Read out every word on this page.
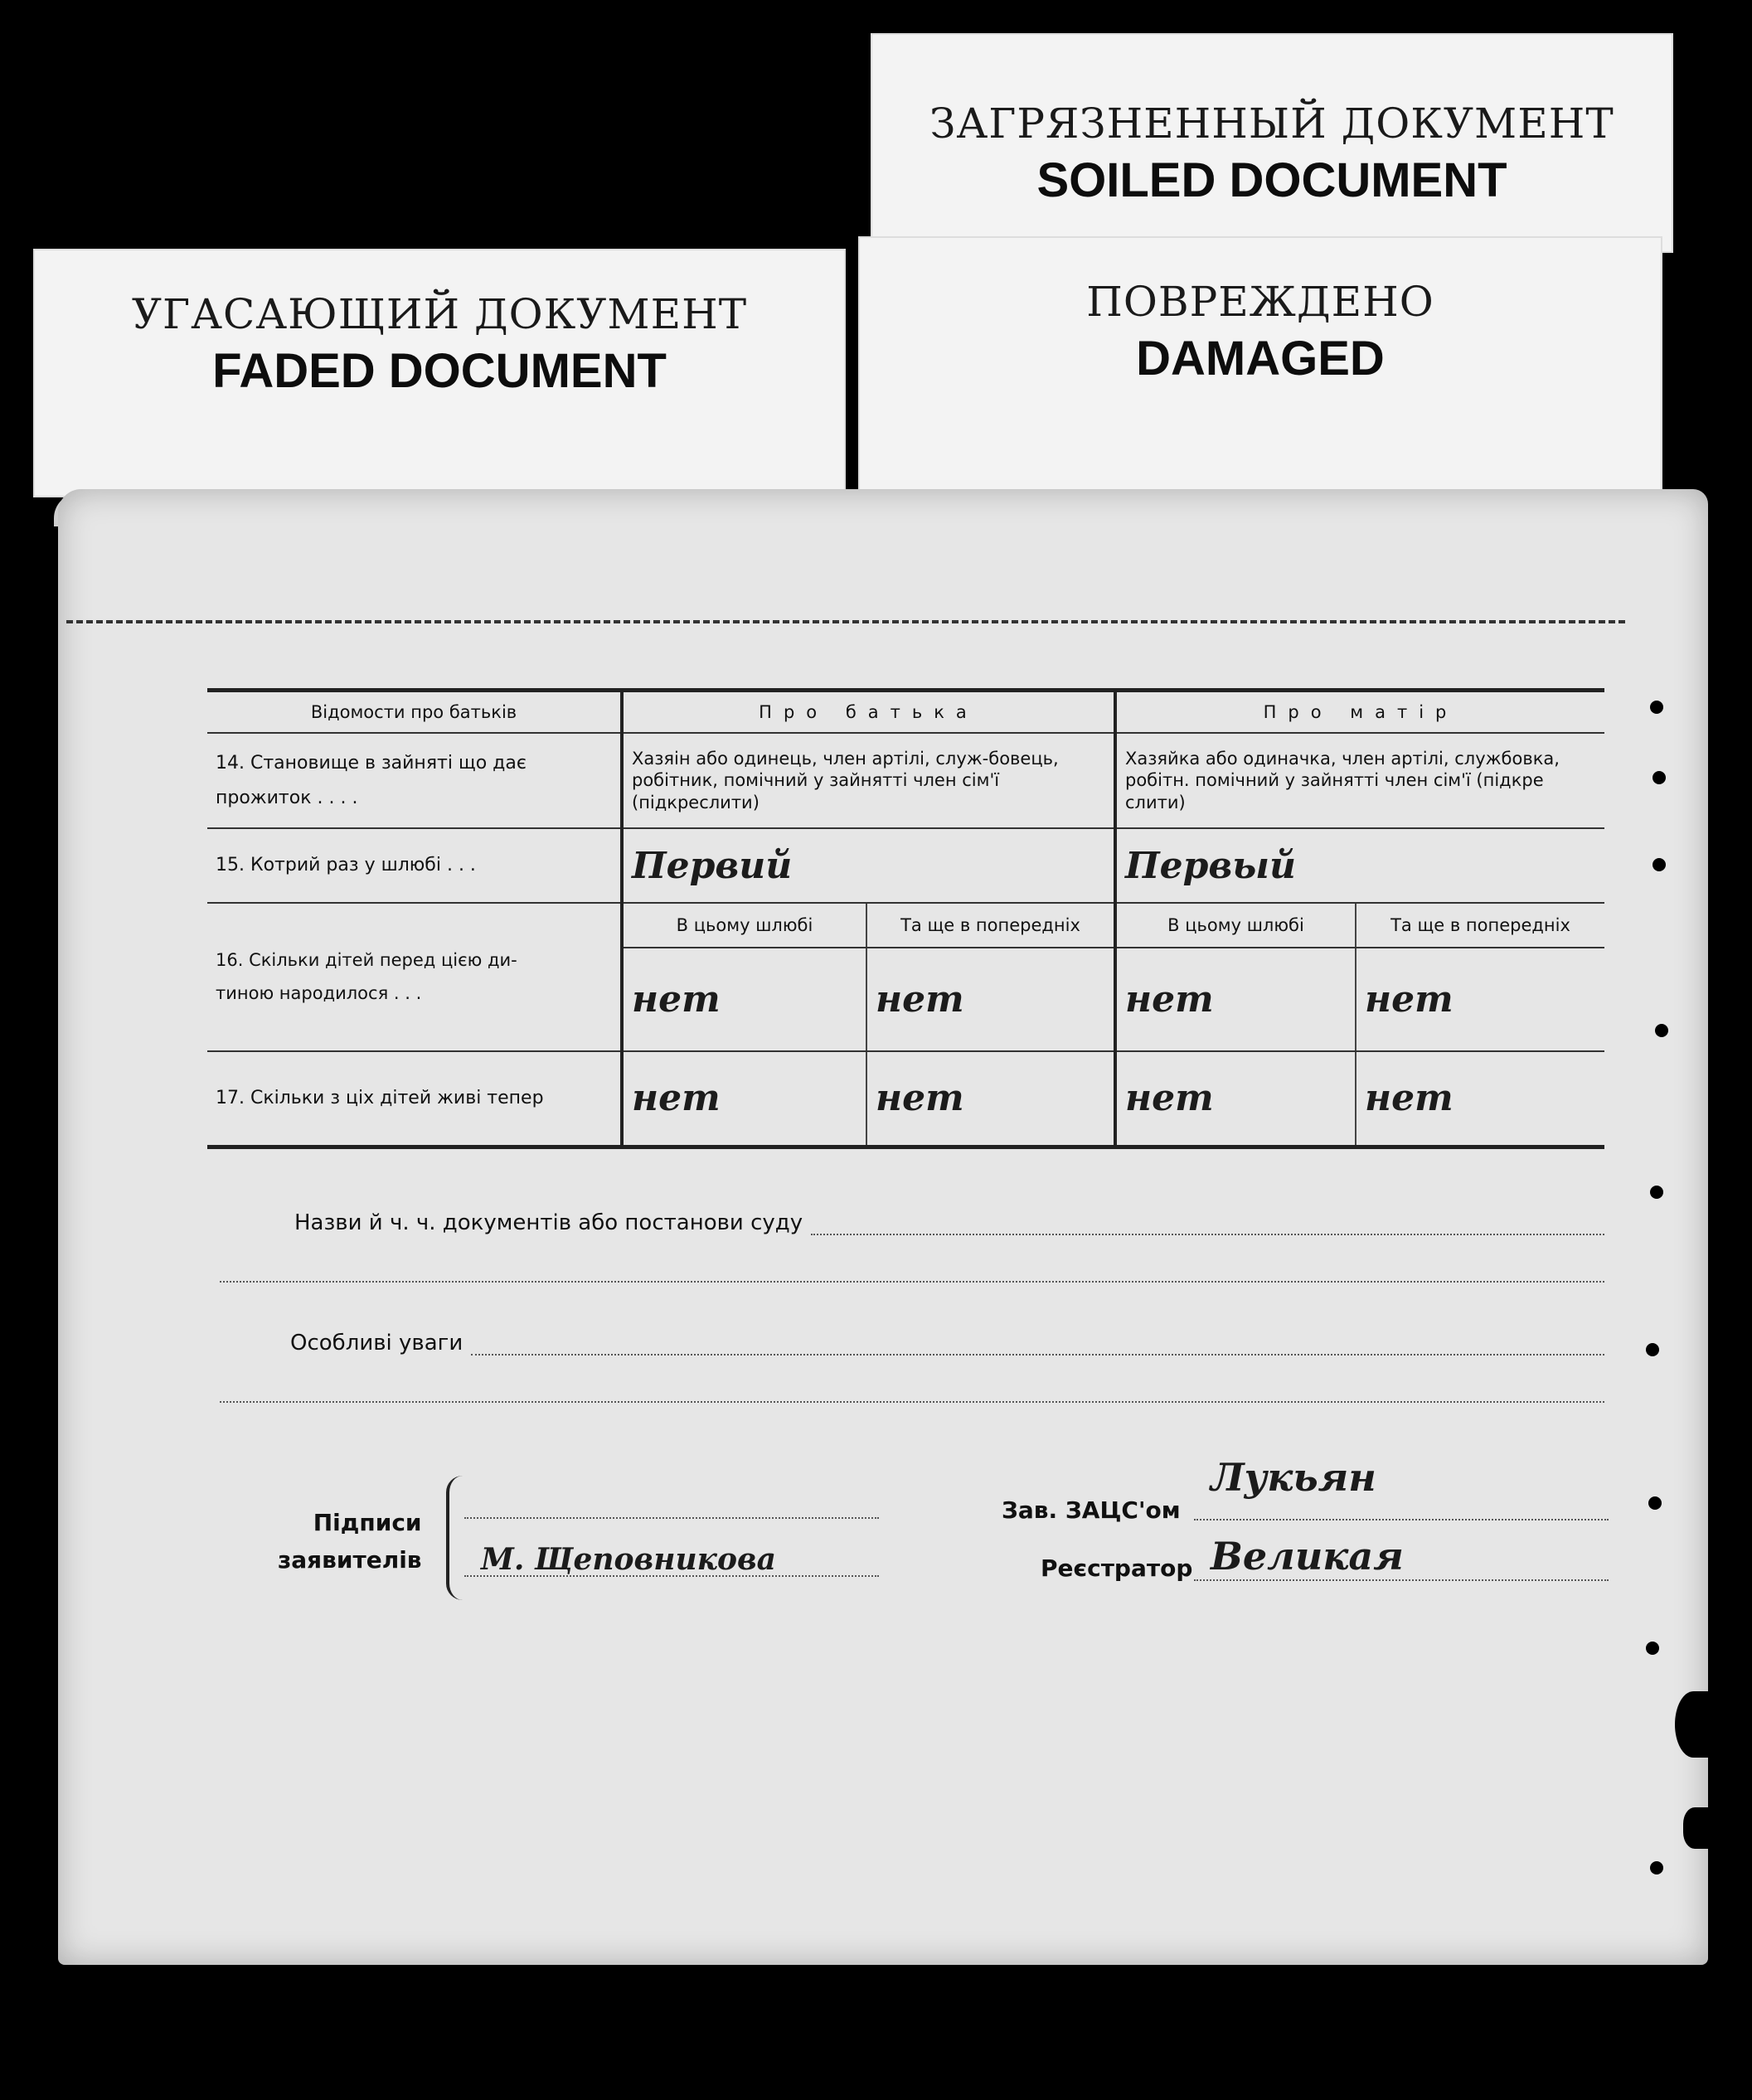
ЗАГРЯЗНЕННЫЙ ДОКУМЕНТ
SOILED DOCUMENT
УГАСАЮЩИЙ ДОКУМЕНТ
FADED DOCUMENT
ПОВРЕЖДЕНО
DAMAGED
Відомости про батьків	Про батька		Про матір	

14. Становище в зайняті що дає
прожиток . . . .	Хазяін або одинець, член артілі, служ-бовець, робітник, помічний у зайнятті член сім'ї (підкреслити)		Хазяйка або одиначка, член артілі, службовка, робітн. помічний у зайнятті член сім'ї (підкре слити)	
15. Котрий раз у шлюбі . . .	Первий		Первый	

16. Скільки дітей перед цією ди-
тиною народилося . . .	В цьому шлюбі	Та ще в попередніх	В цьому шлюбі	Та ще в попередніх
	нет	нет	нет	нет
17. Скільки з ціх дітей живі тепер	нет	нет	нет	нет
Назви й ч. ч. документів або постанови суду
Особливі уваги
Підписи
заявителів М. Щеповникова
Зав. ЗАЦС'ом
Лукьян
Реєстратор Великая
